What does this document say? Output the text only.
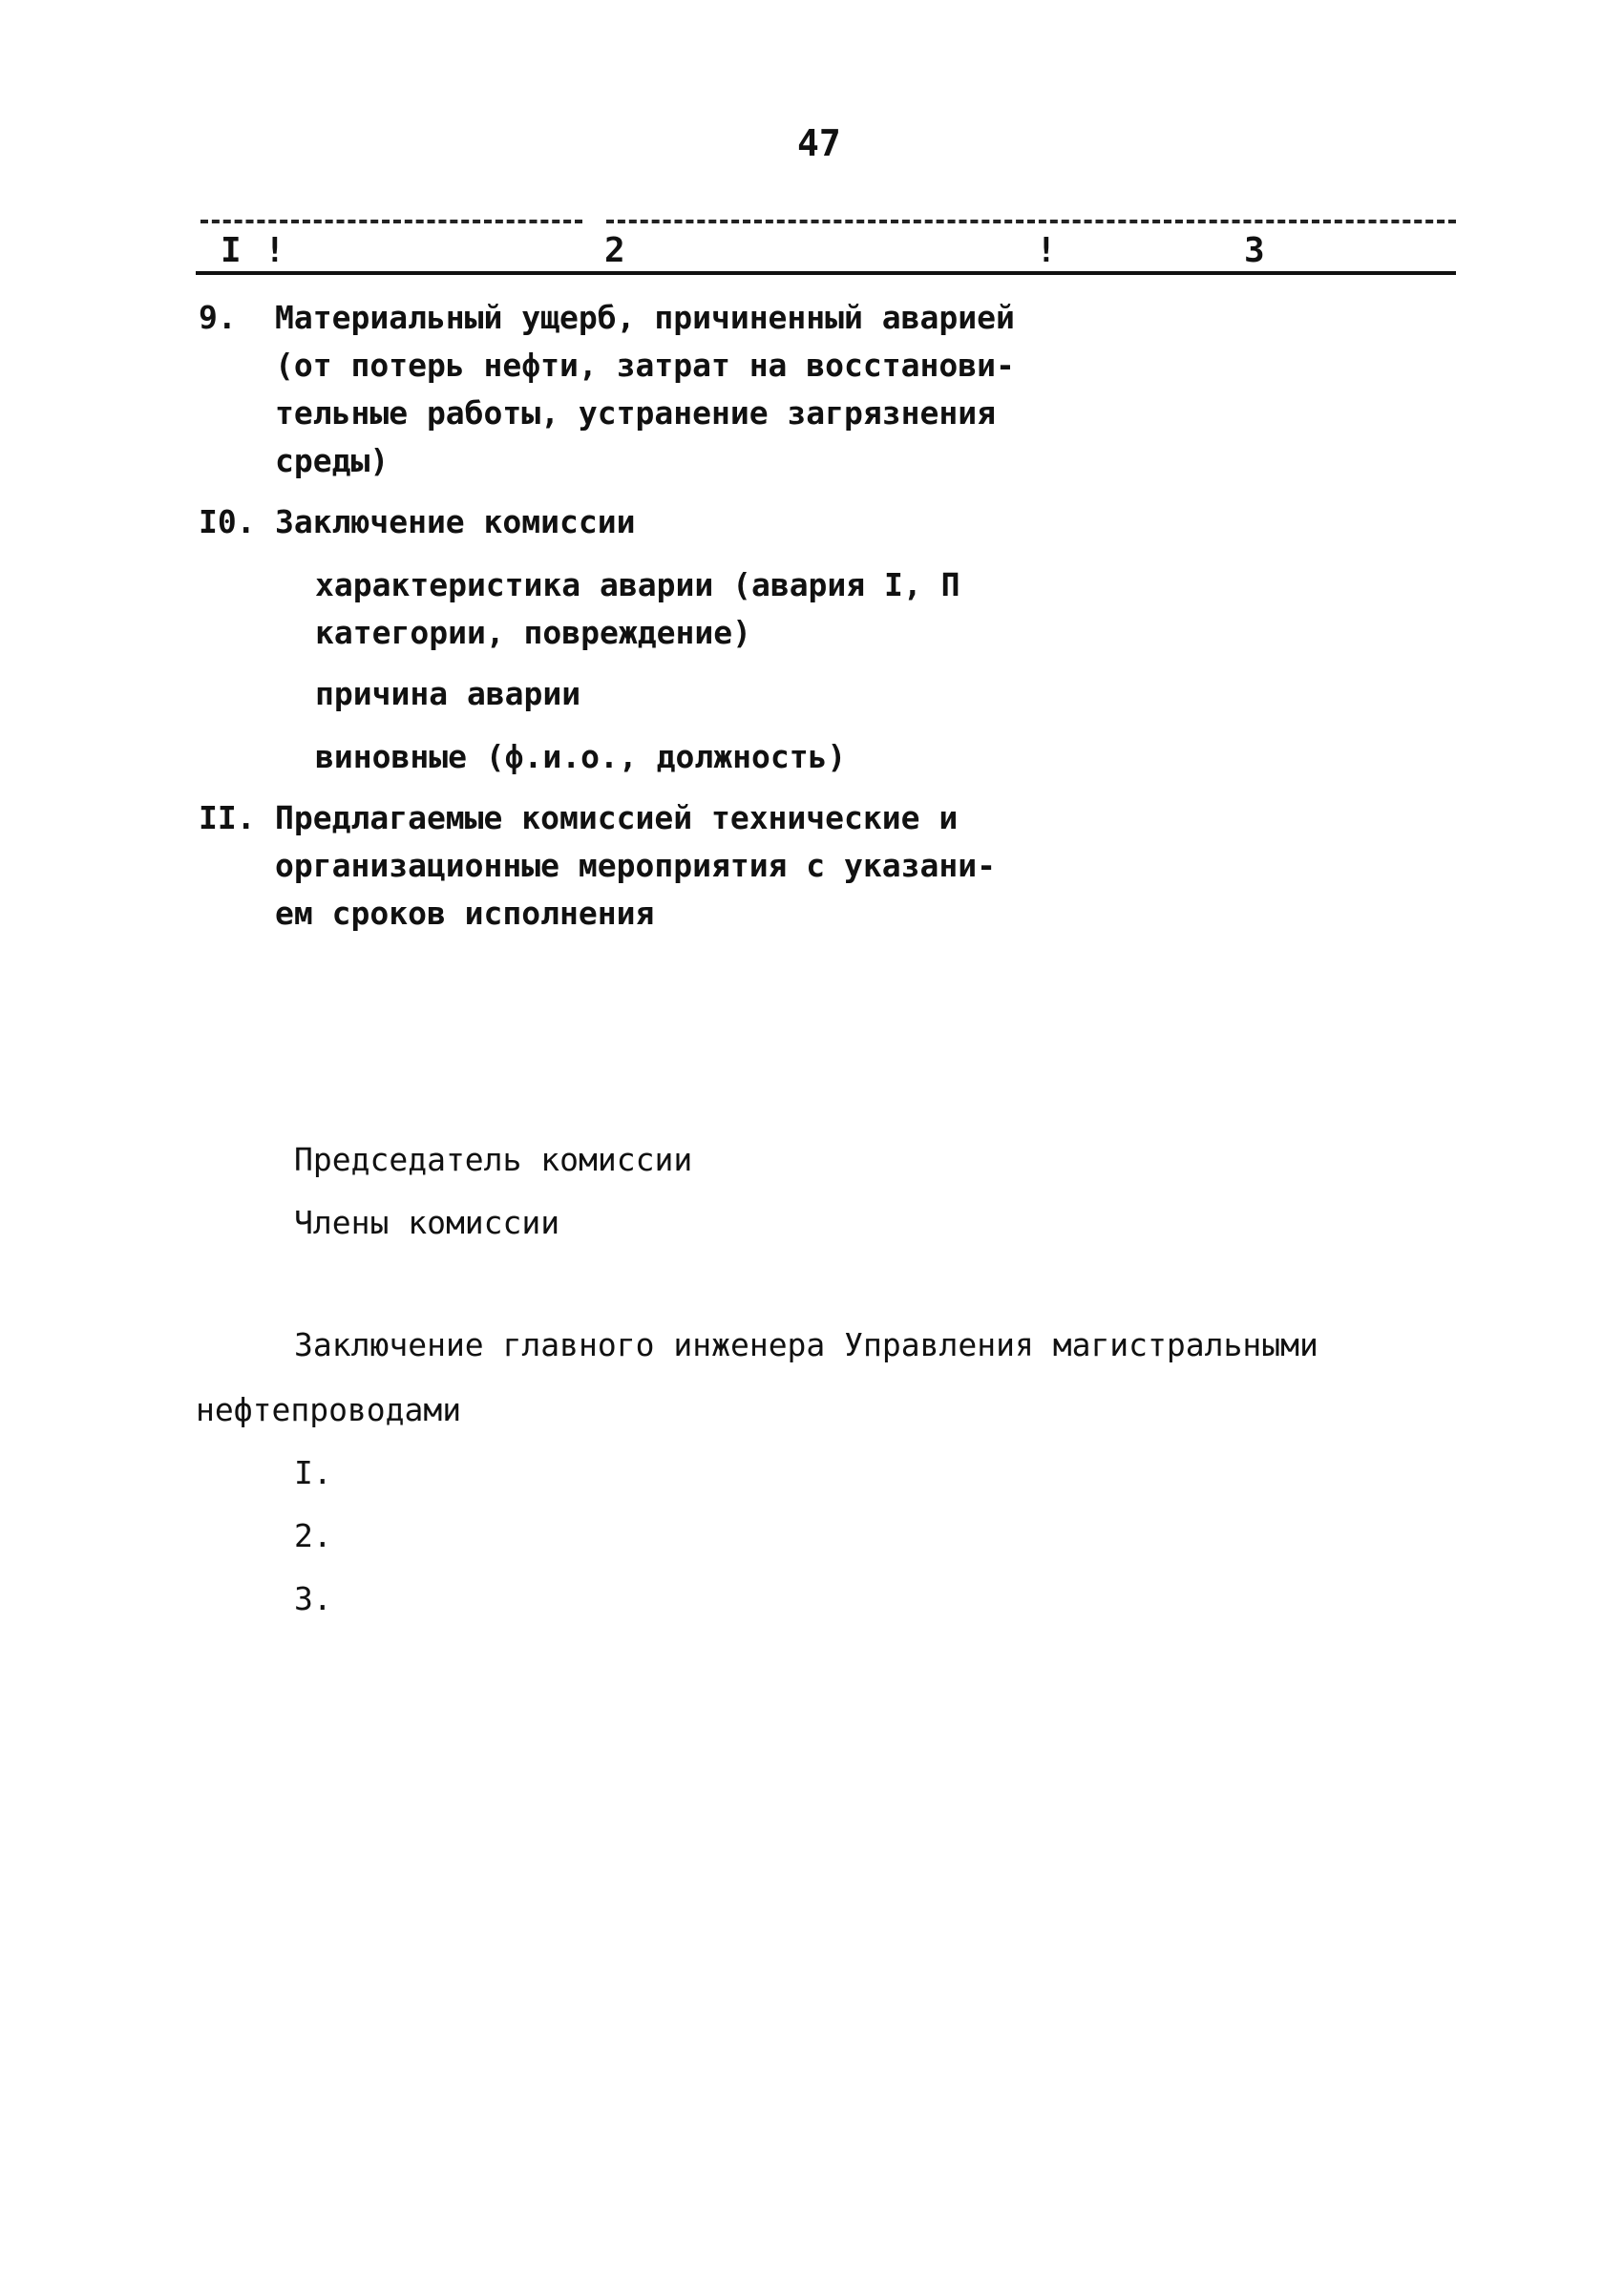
47
I !	2	!	3
9. Материальный ущерб, причиненный аварией
(от потерь нефти, затрат на восстанови-
тельные работы, устранение загрязнения
среды)
I0. Заключение комиссии
характеристика аварии (авария I, П
категории, повреждение)
причина аварии
виновные (ф.и.о., должность)
II. Предлагаемые комиссией технические и
организационные мероприятия с указани-
ем сроков исполнения
Председатель комиссии
Члены комиссии
Заключение главного инженера Управления магистральными
нефтепроводами
I.
2.
3.
